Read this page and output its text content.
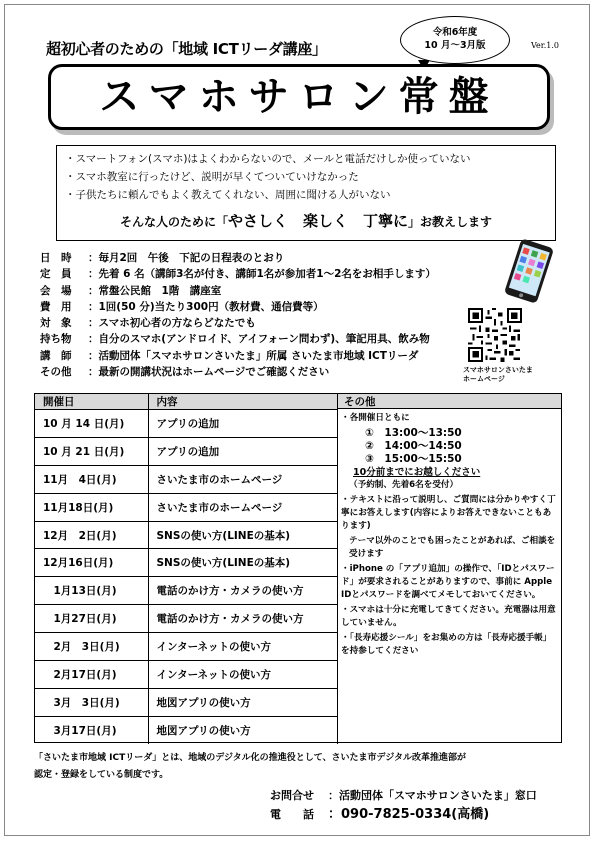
超初心者のための「地域 ICTリーダ講座」
令和6年度
10 月～3月版	Ver.1.0
スマホサロン常盤
・スマートフォン(スマホ)はよくわからないので、メールと電話だけしか使っていない
・スマホ教室に行ったけど、説明が早くてついていけなかった
・子供たちに頼んでもよく教えてくれない、周囲に聞ける人がいない
そんな人のために「やさしく　楽しく　丁寧に」お教えします
日　時 ：毎月2回　午後　下記の日程表のとおり
定　員 ：先着 6 名（講師3名が付き、講師1名が参加者1～2名をお相手します）
会　場 ：常盤公民館　1階　講座室
費　用 ：1回(50 分)当たり300円（教材費、通信費等）
対　象 ：スマホ初心者の方ならどなたでも
持ち物 ：自分のスマホ(アンドロイド、アイフォーン問わず)、筆記用具、飲み物
講　師 ：活動団体「スマホサロンさいたま」所属 さいたま市地域 ICTリーダ
その他 ：最新の開講状況はホームページでご確認ください	スマホサロンさいたま
ホームページ
開催日	内容
10 月 14 日(月)	アプリの追加
10 月 21 日(月)	アプリの追加
11月　4日(月)	さいたま市のホームページ
11月18日(月)	さいたま市のホームページ
12月　2日(月)	SNSの使い方(LINEの基本)
12月16日(月)	SNSの使い方(LINEの基本)
　1月13日(月)	電話のかけ方・カメラの使い方
　1月27日(月)	電話のかけ方・カメラの使い方
　2月　3日(月)	インターネットの使い方
　2月17日(月)	インターネットの使い方
　3月　3日(月)	地図アプリの使い方
　3月17日(月)	地図アプリの使い方
その他

・各開催日ともに

①　13:00～13:50
②　14:00～14:50
③　15:00～15:50
10分前までにお越しください

（予約制、先着6名を受付）

・テキストに沿って説明し、ご質問には分かりやすく丁寧にお答えします(内容によりお答えできないこともあります)

テーマ以外のことでも困ったことがあれば、ご相談を受けます

・iPhone の「アプリ追加」の操作で、「IDとパスワード」が要求されることがありますので、事前に Apple IDとパスワードを調べてメモしておいてください。

・スマホは十分に充電してきてください。充電器は用意していません。

・「長寿応援シール」をお集めの方は「長寿応援手帳」を持参してください

「さいたま市地域 ICTリーダ」とは、地域のデジタル化の推進役として、さいたま市デジタル改革推進部が
認定・登録をしている制度です。
お問合せ ：活動団体「スマホサロンさいたま」窓口
電　　話 ：090-7825-0334(高橋)
